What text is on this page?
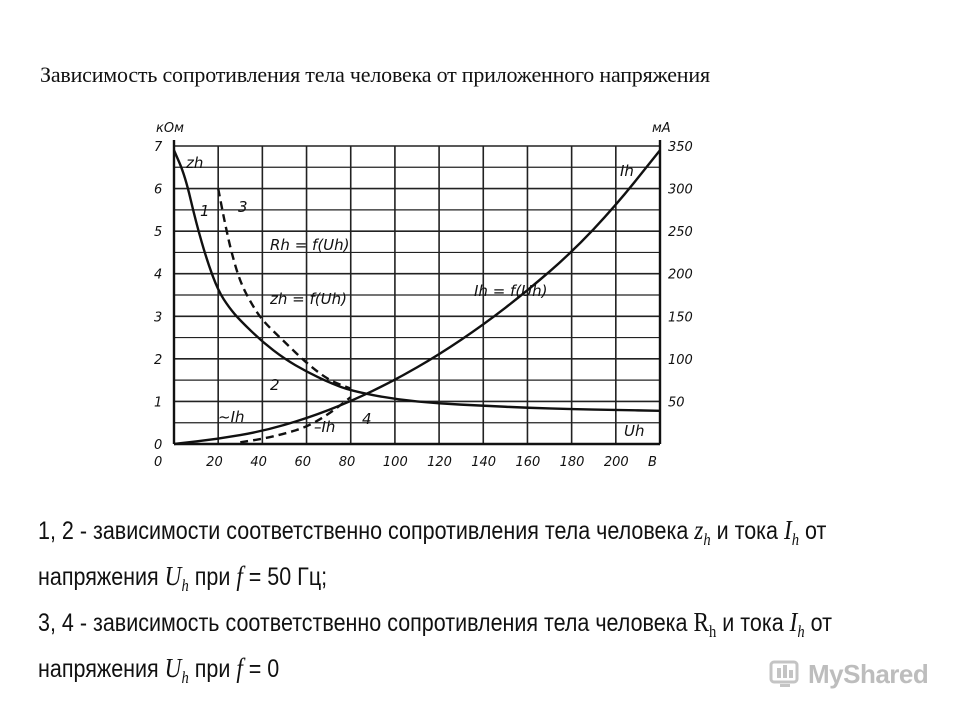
Зависимость сопротивления тела человека от приложенного напряжения
0
1
2
3
4
5
6
7
кОм
50
100
150
200
250
300
350
мА
0	20 40 60 80 100 120 140 160 180 200 В
zh
1 3
Rh = f(Uh)
zh = f(Uh)	Ih = f(Uh)
Ih
2
4
~Ih
–Ih	Uh
1, 2 - зависимости соответственно сопротивления тела человека $z_h$ и тока $I_h$ от
напряжения $U_h$ при f = 50 Гц;
3, 4 - зависимость соответственно сопротивления тела человека $R_h$ и тока $I_h$ от
напряжения $U_h$ при f = 0	MyShared
